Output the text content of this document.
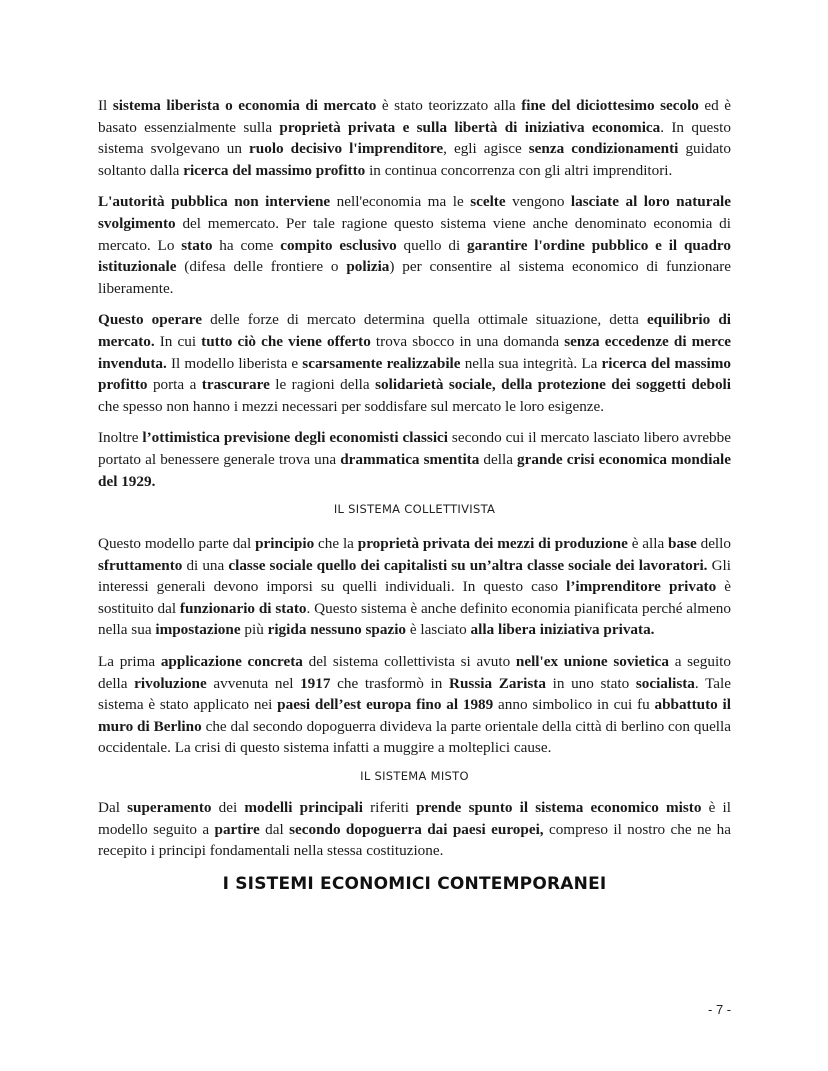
Il sistema liberista o economia di mercato è stato teorizzato alla fine del diciottesimo secolo ed è basato essenzialmente sulla proprietà privata e sulla libertà di iniziativa economica. In questo sistema svolgevano un ruolo decisivo l'imprenditore, egli agisce senza condizionamenti guidato soltanto dalla ricerca del massimo profitto in continua concorrenza con gli altri imprenditori.

L'autorità pubblica non interviene nell'economia ma le scelte vengono lasciate al loro naturale svolgimento del memercato. Per tale ragione questo sistema viene anche denominato economia di mercato. Lo stato ha come compito esclusivo quello di garantire l'ordine pubblico e il quadro istituzionale (difesa delle frontiere o polizia) per consentire al sistema economico di funzionare liberamente.

Questo operare delle forze di mercato determina quella ottimale situazione, detta equilibrio di mercato. In cui tutto ciò che viene offerto trova sbocco in una domanda senza eccedenze di merce invenduta. Il modello liberista e scarsamente realizzabile nella sua integrità. La ricerca del massimo profitto porta a trascurare le ragioni della solidarietà sociale, della protezione dei soggetti deboli che spesso non hanno i mezzi necessari per soddisfare sul mercato le loro esigenze.

Inoltre l’ottimistica previsione degli economisti classici secondo cui il mercato lasciato libero avrebbe portato al benessere generale trova una drammatica smentita della grande crisi economica mondiale del 1929.

IL SISTEMA COLLETTIVISTA

Questo modello parte dal principio che la proprietà privata dei mezzi di produzione è alla base dello sfruttamento di una classe sociale quello dei capitalisti su un’altra classe sociale dei lavoratori. Gli interessi generali devono imporsi su quelli individuali. In questo caso l’imprenditore privato è sostituito dal funzionario di stato. Questo sistema è anche definito economia pianificata perché almeno nella sua impostazione più rigida nessuno spazio è lasciato alla libera iniziativa privata.

La prima applicazione concreta del sistema collettivista si avuto nell'ex unione sovietica a seguito della rivoluzione avvenuta nel 1917 che trasformò in Russia Zarista in uno stato socialista. Tale sistema è stato applicato nei paesi dell’est europa fino al 1989 anno simbolico in cui fu abbattuto il muro di Berlino che dal secondo dopoguerra divideva la parte orientale della città di berlino con quella occidentale. La crisi di questo sistema infatti a muggire a molteplici cause.

IL SISTEMA MISTO

Dal superamento dei modelli principali riferiti prende spunto il sistema economico misto è il modello seguito a partire dal secondo dopoguerra dai paesi europei, compreso il nostro che ne ha recepito i principi fondamentali nella stessa costituzione.

I SISTEMI ECONOMICI CONTEMPORANEI
- 7 -
